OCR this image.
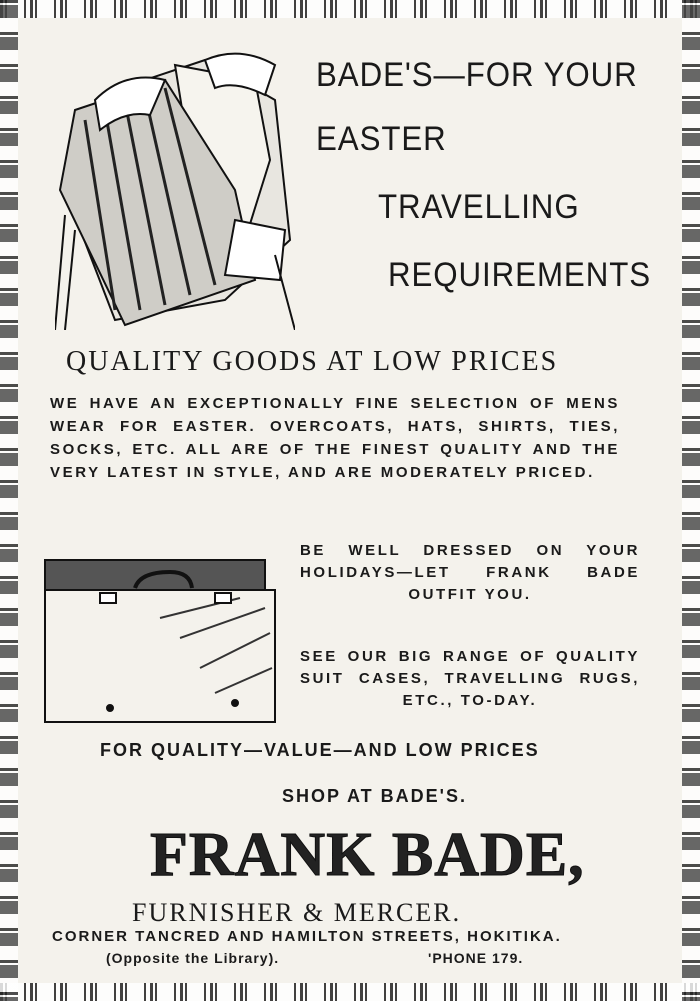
BADE'S—FOR YOUR
EASTER
TRAVELLING
REQUIREMENTS
QUALITY GOODS AT LOW PRICES
WE HAVE AN EXCEPTIONALLY FINE SELECTION OF MENS WEAR FOR EASTER. OVERCOATS, HATS, SHIRTS, TIES, SOCKS, ETC. ALL ARE OF THE FINEST QUALITY AND THE VERY LATEST IN STYLE, AND ARE MODERATELY PRICED.
BE WELL DRESSED ON YOUR HOLIDAYS—LET FRANK BADE OUTFIT YOU.
SEE OUR BIG RANGE OF QUALITY SUIT CASES, TRAVELLING RUGS, ETC., TO-DAY.
FOR QUALITY—VALUE—AND LOW PRICES
SHOP AT BADE'S.
FRANK BADE,
FURNISHER & MERCER.
CORNER TANCRED AND HAMILTON STREETS, HOKITIKA.
(Opposite the Library).	'PHONE 179.
